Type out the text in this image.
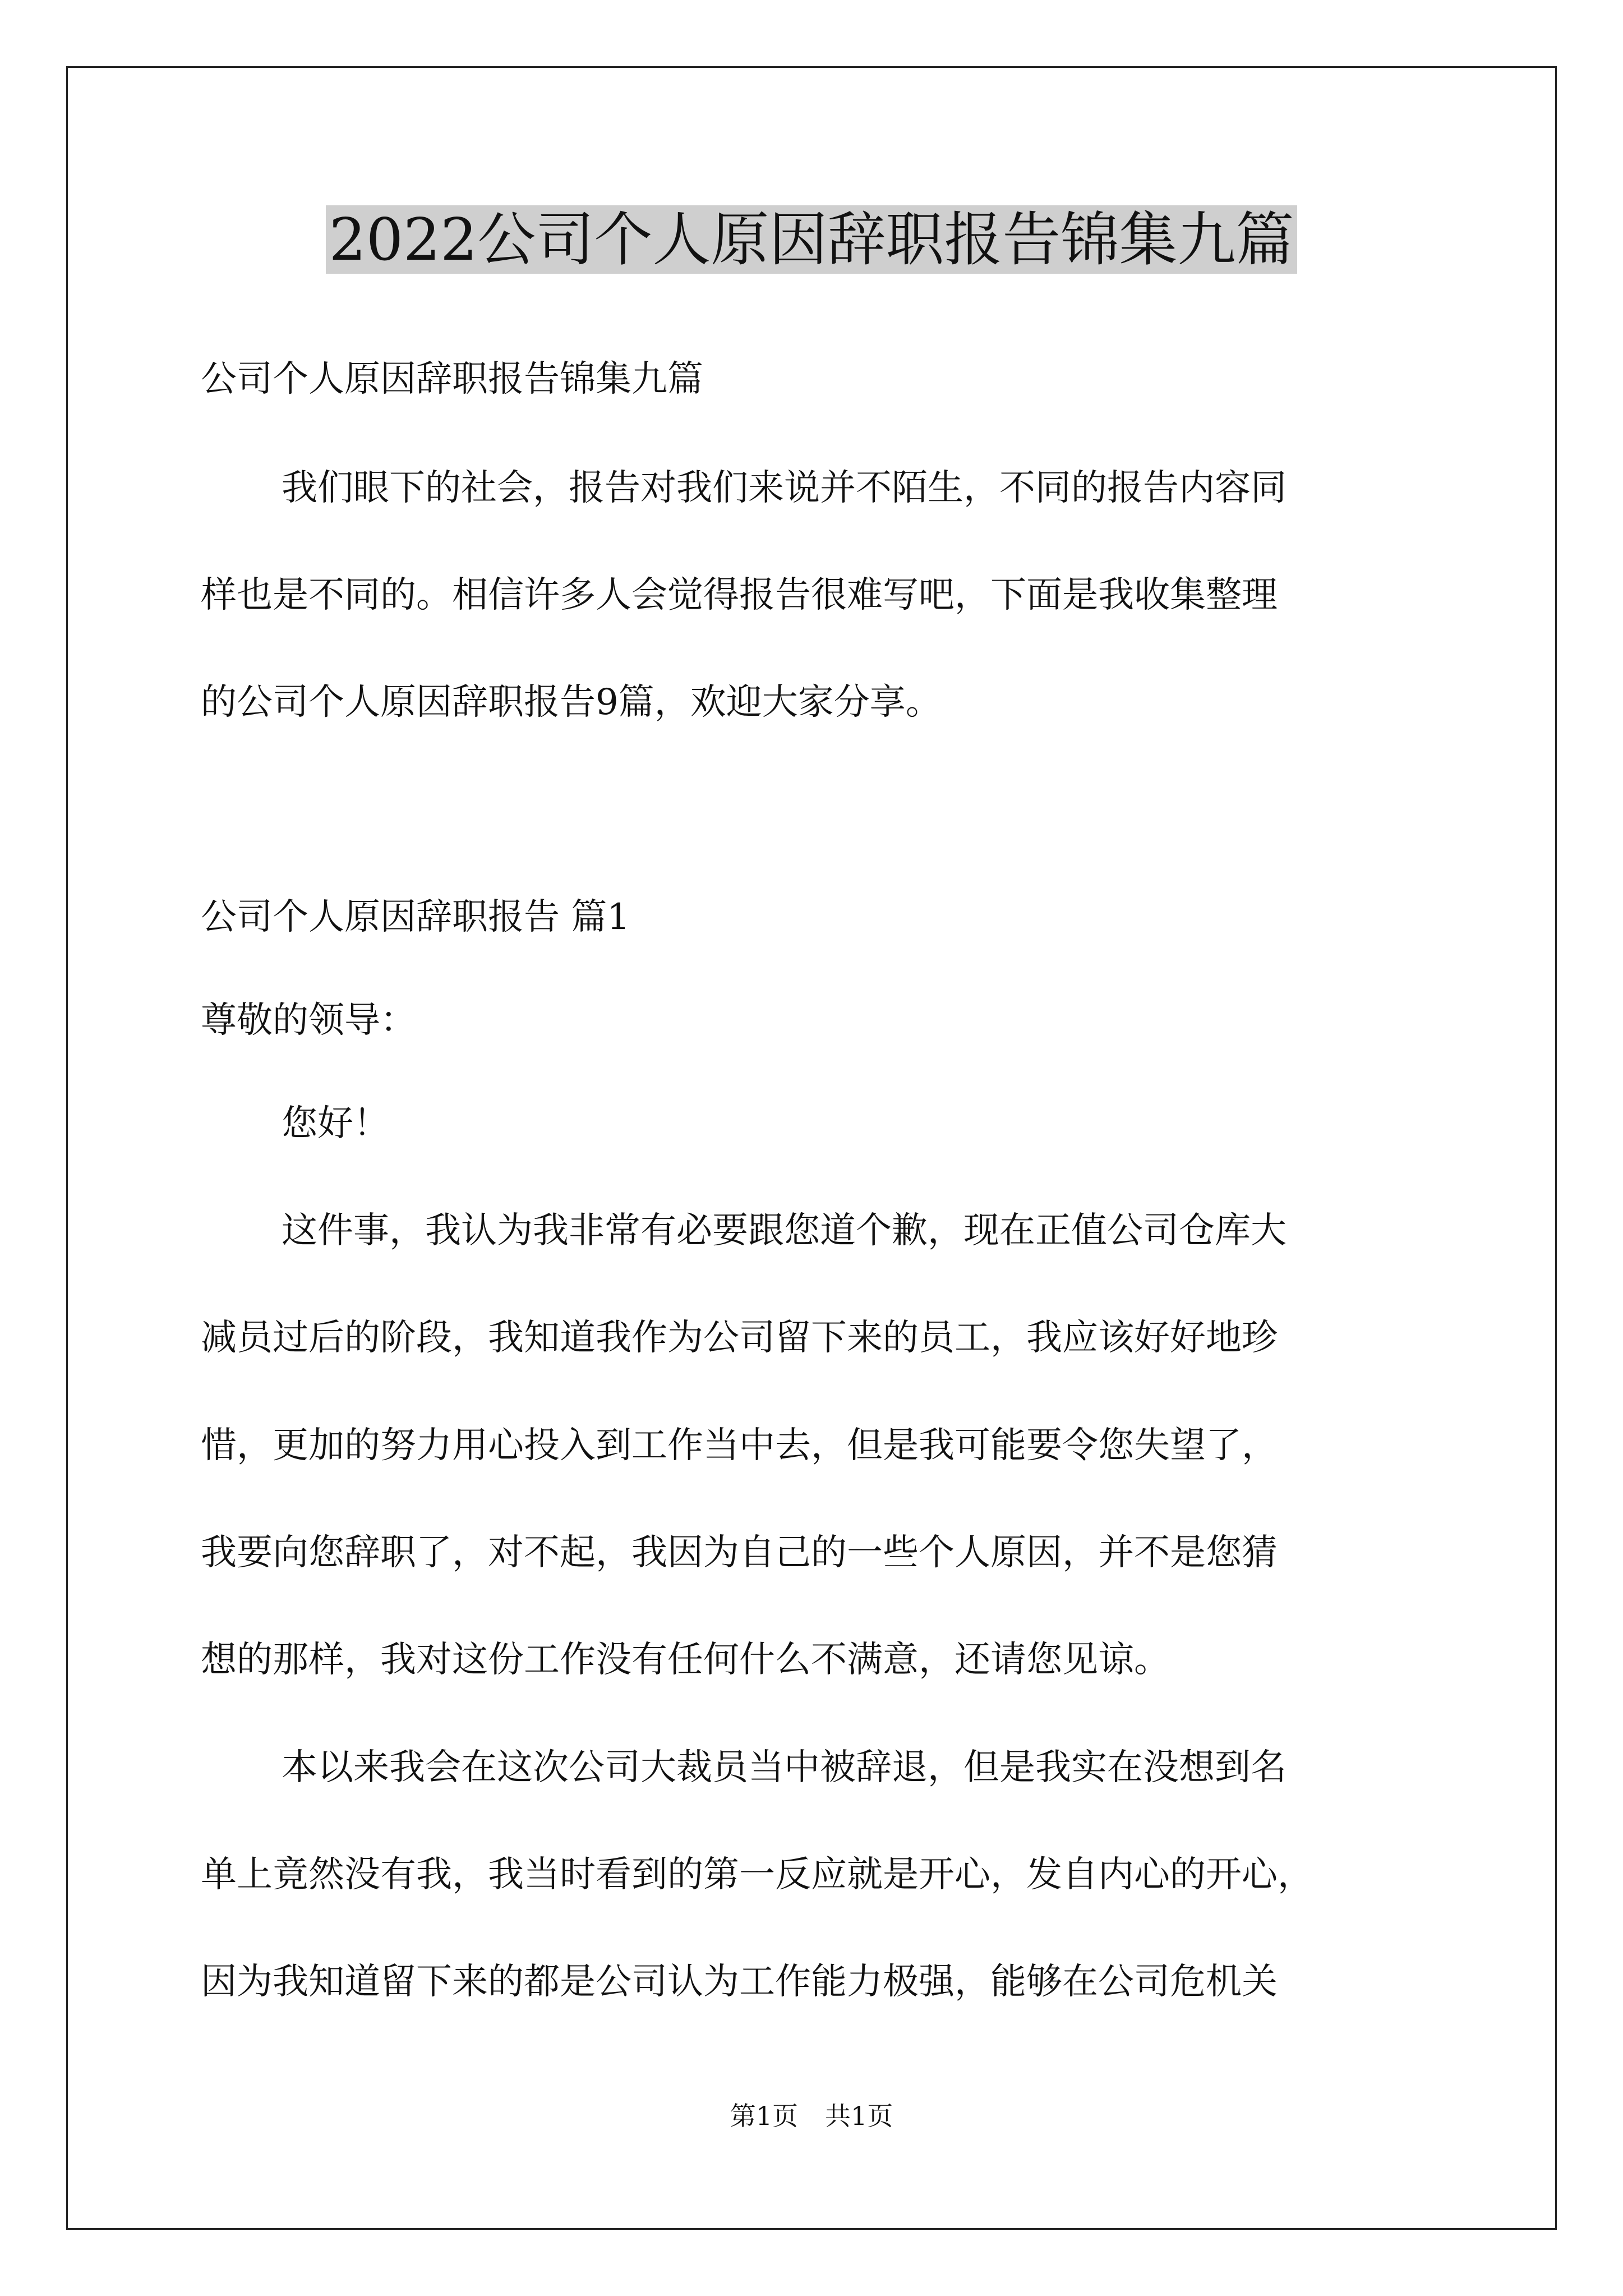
2022公司个人原因辞职报告锦集九篇

公司个人原因辞职报告锦集九篇

我们眼下的社会，报告对我们来说并不陌生，不同的报告内容同

样也是不同的。相信许多人会觉得报告很难写吧，下面是我收集整理

的公司个人原因辞职报告9篇，欢迎大家分享。

公司个人原因辞职报告 篇1

尊敬的领导：

您好！

这件事，我认为我非常有必要跟您道个歉，现在正值公司仓库大

减员过后的阶段，我知道我作为公司留下来的员工，我应该好好地珍

惜，更加的努力用心投入到工作当中去，但是我可能要令您失望了，

我要向您辞职了，对不起，我因为自己的一些个人原因，并不是您猜

想的那样，我对这份工作没有任何什么不满意，还请您见谅。

本以来我会在这次公司大裁员当中被辞退，但是我实在没想到名

单上竟然没有我，我当时看到的第一反应就是开心，发自内心的开心，

因为我知道留下来的都是公司认为工作能力极强，能够在公司危机关

第1页 共1页
